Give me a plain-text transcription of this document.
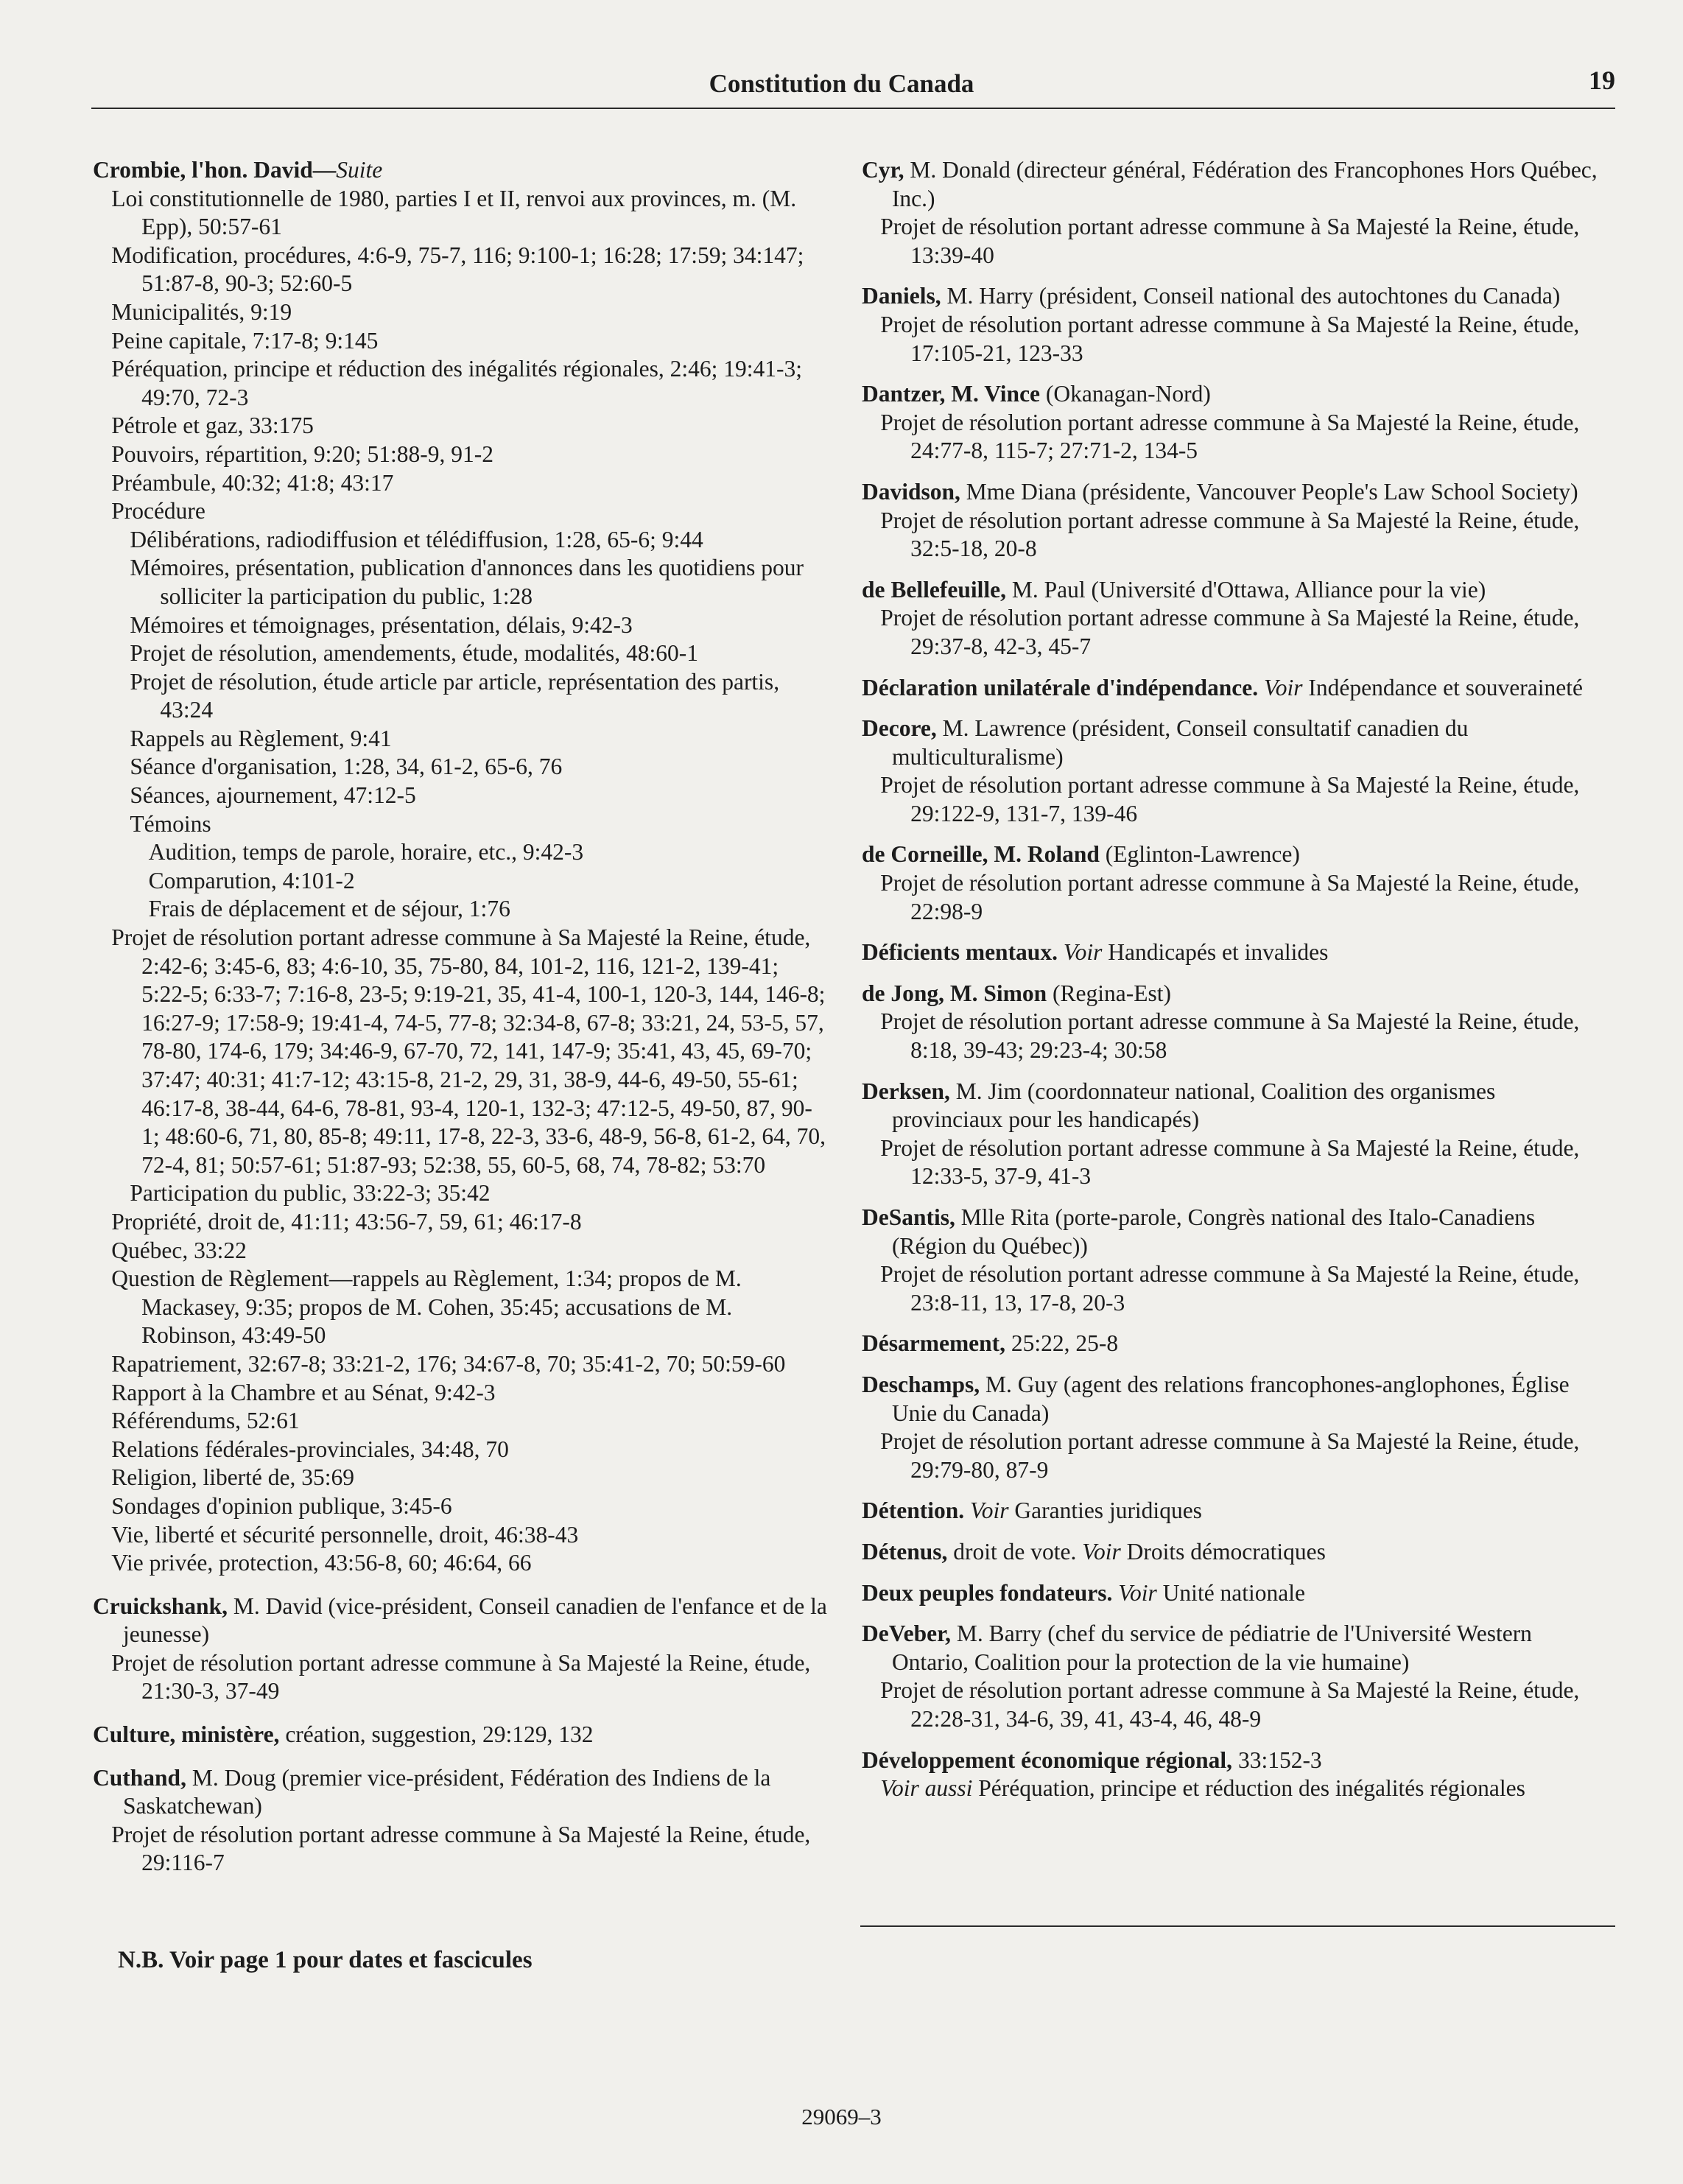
Constitution du Canada	19
Crombie, l'hon. David—Suite
Loi constitutionnelle de 1980, parties I et II, renvoi aux provinces, m. (M. Epp), 50:57-61
Modification, procédures, 4:6-9, 75-7, 116; 9:100-1; 16:28; 17:59; 34:147; 51:87-8, 90-3; 52:60-5
Municipalités, 9:19
Peine capitale, 7:17-8; 9:145
Péréquation, principe et réduction des inégalités régionales, 2:46; 19:41-3; 49:70, 72-3
Pétrole et gaz, 33:175
Pouvoirs, répartition, 9:20; 51:88-9, 91-2
Préambule, 40:32; 41:8; 43:17
Procédure
Délibérations, radiodiffusion et télédiffusion, 1:28, 65-6; 9:44
Mémoires, présentation, publication d'annonces dans les quotidiens pour solliciter la participation du public, 1:28
Mémoires et témoignages, présentation, délais, 9:42-3
Projet de résolution, amendements, étude, modalités, 48:60-1
Projet de résolution, étude article par article, représentation des partis, 43:24
Rappels au Règlement, 9:41
Séance d'organisation, 1:28, 34, 61-2, 65-6, 76
Séances, ajournement, 47:12-5
Témoins
Audition, temps de parole, horaire, etc., 9:42-3
Comparution, 4:101-2
Frais de déplacement et de séjour, 1:76
Projet de résolution portant adresse commune à Sa Majesté la Reine, étude, 2:42-6; 3:45-6, 83; 4:6-10, 35, 75-80, 84, 101-2, 116, 121-2, 139-41; 5:22-5; 6:33-7; 7:16-8, 23-5; 9:19-21, 35, 41-4, 100-1, 120-3, 144, 146-8; 16:27-9; 17:58-9; 19:41-4, 74-5, 77-8; 32:34-8, 67-8; 33:21, 24, 53-5, 57, 78-80, 174-6, 179; 34:46-9, 67-70, 72, 141, 147-9; 35:41, 43, 45, 69-70; 37:47; 40:31; 41:7-12; 43:15-8, 21-2, 29, 31, 38-9, 44-6, 49-50, 55-61; 46:17-8, 38-44, 64-6, 78-81, 93-4, 120-1, 132-3; 47:12-5, 49-50, 87, 90-1; 48:60-6, 71, 80, 85-8; 49:11, 17-8, 22-3, 33-6, 48-9, 56-8, 61-2, 64, 70, 72-4, 81; 50:57-61; 51:87-93; 52:38, 55, 60-5, 68, 74, 78-82; 53:70
Participation du public, 33:22-3; 35:42
Propriété, droit de, 41:11; 43:56-7, 59, 61; 46:17-8
Québec, 33:22
Question de Règlement—rappels au Règlement, 1:34; propos de M. Mackasey, 9:35; propos de M. Cohen, 35:45; accusations de M. Robinson, 43:49-50
Rapatriement, 32:67-8; 33:21-2, 176; 34:67-8, 70; 35:41-2, 70; 50:59-60
Rapport à la Chambre et au Sénat, 9:42-3
Référendums, 52:61
Relations fédérales-provinciales, 34:48, 70
Religion, liberté de, 35:69
Sondages d'opinion publique, 3:45-6
Vie, liberté et sécurité personnelle, droit, 46:38-43
Vie privée, protection, 43:56-8, 60; 46:64, 66
Cruickshank, M. David (vice-président, Conseil canadien de l'enfance et de la jeunesse)
Projet de résolution portant adresse commune à Sa Majesté la Reine, étude, 21:30-3, 37-49
Culture, ministère, création, suggestion, 29:129, 132
Cuthand, M. Doug (premier vice-président, Fédération des Indiens de la Saskatchewan)
Projet de résolution portant adresse commune à Sa Majesté la Reine, étude, 29:116-7
Cyr, M. Donald (directeur général, Fédération des Francophones Hors Québec, Inc.)
Projet de résolution portant adresse commune à Sa Majesté la Reine, étude, 13:39-40
Daniels, M. Harry (président, Conseil national des autochtones du Canada)
Projet de résolution portant adresse commune à Sa Majesté la Reine, étude, 17:105-21, 123-33
Dantzer, M. Vince (Okanagan-Nord)
Projet de résolution portant adresse commune à Sa Majesté la Reine, étude, 24:77-8, 115-7; 27:71-2, 134-5
Davidson, Mme Diana (présidente, Vancouver People's Law School Society)
Projet de résolution portant adresse commune à Sa Majesté la Reine, étude, 32:5-18, 20-8
de Bellefeuille, M. Paul (Université d'Ottawa, Alliance pour la vie)
Projet de résolution portant adresse commune à Sa Majesté la Reine, étude, 29:37-8, 42-3, 45-7
Déclaration unilatérale d'indépendance. Voir Indépendance et souveraineté
Decore, M. Lawrence (président, Conseil consultatif canadien du multiculturalisme)
Projet de résolution portant adresse commune à Sa Majesté la Reine, étude, 29:122-9, 131-7, 139-46
de Corneille, M. Roland (Eglinton-Lawrence)
Projet de résolution portant adresse commune à Sa Majesté la Reine, étude, 22:98-9
Déficients mentaux. Voir Handicapés et invalides
de Jong, M. Simon (Regina-Est)
Projet de résolution portant adresse commune à Sa Majesté la Reine, étude, 8:18, 39-43; 29:23-4; 30:58
Derksen, M. Jim (coordonnateur national, Coalition des organismes provinciaux pour les handicapés)
Projet de résolution portant adresse commune à Sa Majesté la Reine, étude, 12:33-5, 37-9, 41-3
DeSantis, Mlle Rita (porte-parole, Congrès national des Italo-Canadiens (Région du Québec))
Projet de résolution portant adresse commune à Sa Majesté la Reine, étude, 23:8-11, 13, 17-8, 20-3
Désarmement, 25:22, 25-8
Deschamps, M. Guy (agent des relations francophones-anglophones, Église Unie du Canada)
Projet de résolution portant adresse commune à Sa Majesté la Reine, étude, 29:79-80, 87-9
Détention. Voir Garanties juridiques
Détenus, droit de vote. Voir Droits démocratiques
Deux peuples fondateurs. Voir Unité nationale
DeVeber, M. Barry (chef du service de pédiatrie de l'Université Western Ontario, Coalition pour la protection de la vie humaine)
Projet de résolution portant adresse commune à Sa Majesté la Reine, étude, 22:28-31, 34-6, 39, 41, 43-4, 46, 48-9
Développement économique régional, 33:152-3
Voir aussi Péréquation, principe et réduction des inégalités régionales
N.B. Voir page 1 pour dates et fascicules
29069–3
